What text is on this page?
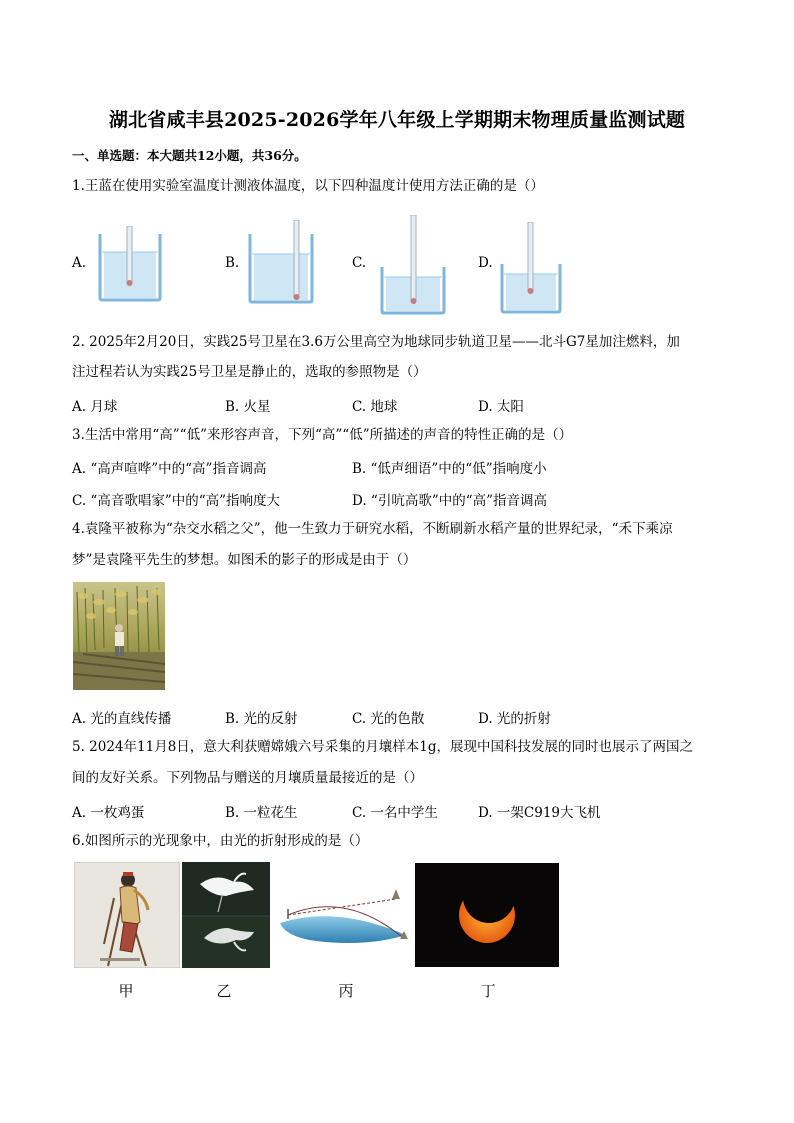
湖北省咸丰县2025-2026学年八年级上学期期末物理质量监测试题
一、单选题：本大题共12小题，共36分。
1.王蓝在使用实验室温度计测液体温度，以下四种温度计使用方法正确的是（）
A.	B.	C.	D.
2. 2025年2月20日，实践25号卫星在3.6万公里高空为地球同步轨道卫星——北斗G7星加注燃料，加
注过程若认为实践25号卫星是静止的，选取的参照物是（）
A. 月球	B. 火星	C. 地球	D. 太阳
3.生活中常用“高”“低”来形容声音，下列“高”“低”所描述的声音的特性正确的是（）
A. “高声喧哗”中的“高”指音调高	B. “低声细语”中的“低”指响度小
C. “高音歌唱家”中的“高”指响度大	D. “引吭高歌”中的“高”指音调高
4.袁隆平被称为“杂交水稻之父”，他一生致力于研究水稻，不断刷新水稻产量的世界纪录，“禾下乘凉
梦”是袁隆平先生的梦想。如图禾的影子的形成是由于（）
A. 光的直线传播	B. 光的反射	C. 光的色散	D. 光的折射
5. 2024年11月8日，意大利获赠嫦娥六号采集的月壤样本1g，展现中国科技发展的同时也展示了两国之
间的友好关系。下列物品与赠送的月壤质量最接近的是（）
A. 一枚鸡蛋	B. 一粒花生	C. 一名中学生	D. 一架C919大飞机
6.如图所示的光现象中，由光的折射形成的是（）
甲	乙	丙	丁
